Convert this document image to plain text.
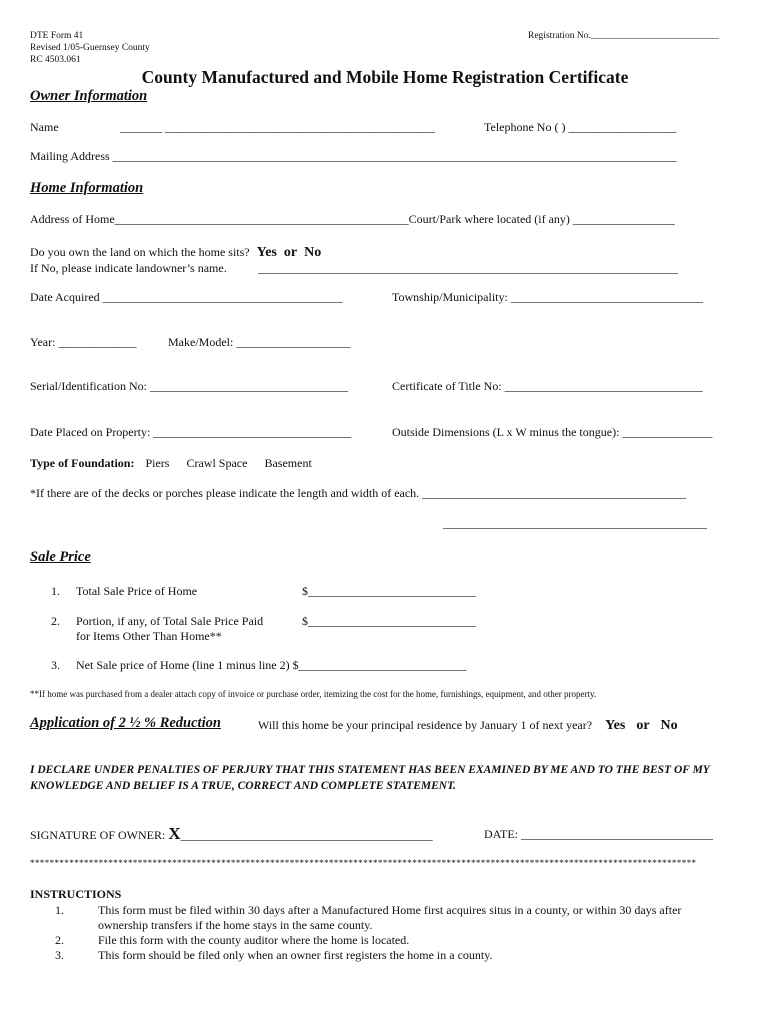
DTE Form 41
Revised 1/05-Guernsey County
RC 4503.061
Registration No.___________________________
County Manufactured and Mobile Home Registration Certificate
Owner Information
Name	_______ _____________________________________________	Telephone No ( ) __________________
Mailing Address ______________________________________________________________________________________________
Home Information
Address of Home_________________________________________________Court/Park where located (if any) _________________
Do you own the land on which the home sits? Yes or No
If No, please indicate landowner’s name.	______________________________________________________________________
Date Acquired ________________________________________	Township/Municipality: ________________________________
Year: _____________	Make/Model: ___________________
Serial/Identification No: _________________________________	Certificate of Title No: _________________________________
Date Placed on Property: _________________________________	Outside Dimensions (L x W minus the tongue): _______________
Type of Foundation: Piers Crawl Space Basement
*If there are of the decks or porches please indicate the length and width of each. ____________________________________________
____________________________________________
Sale Price
1. Total Sale Price of Home	$____________________________
2. Portion, if any, of Total Sale Price Paid
for Items Other Than Home**
$____________________________
3. Net Sale price of Home (line 1 minus line 2) $____________________________
**If home was purchased from a dealer attach copy of invoice or purchase order, itemizing the cost for the home, furnishings, equipment, and other property.
Application of 2 ½ % Reduction	Will this home be your principal residence by January 1 of next year? Yes or No
I DECLARE UNDER PENALTIES OF PERJURY THAT THIS STATEMENT HAS BEEN EXAMINED BY ME AND TO THE BEST OF MY KNOWLEDGE AND BELIEF IS A TRUE, CORRECT AND COMPLETE STATEMENT.
SIGNATURE OF OWNER: X__________________________________________	DATE: ________________________________
****************************************************************************************************************************************
INSTRUCTIONS
1.	This form must be filed within 30 days after a Manufactured Home first acquires situs in a county, or within 30 days after ownership transfers if the home stays in the same county.
2.	File this form with the county auditor where the home is located.
3.	This form should be filed only when an owner first registers the home in a county.
